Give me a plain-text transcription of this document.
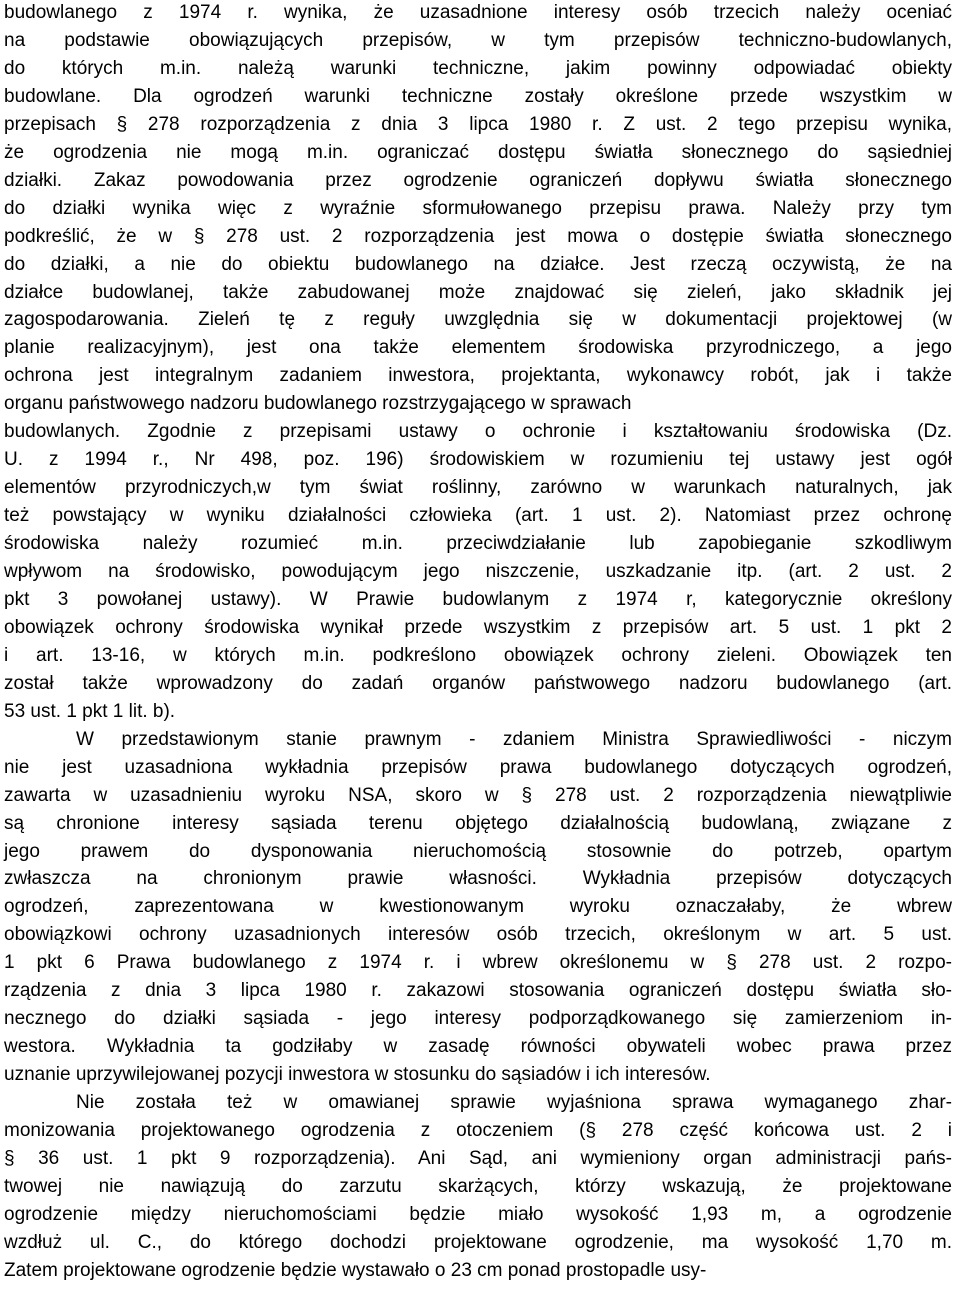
budowlanego z 1974 r. wynika, że uzasadnione interesy osób trzecich należy oceniać
na podstawie obowiązujących przepisów, w tym przepisów techniczno-budowlanych,
do których m.in. należą warunki techniczne, jakim powinny odpowiadać obiekty
budowlane. Dla ogrodzeń warunki techniczne zostały określone przede wszystkim w
przepisach § 278 rozporządzenia z dnia 3 lipca 1980 r. Z ust. 2 tego przepisu wynika,
że ogrodzenia nie mogą m.in. ograniczać dostępu światła słonecznego do sąsiedniej
działki. Zakaz powodowania przez ogrodzenie ograniczeń dopływu światła słonecznego
do działki wynika więc z wyraźnie sformułowanego przepisu prawa. Należy przy tym
podkreślić, że w § 278 ust. 2 rozporządzenia jest mowa o dostępie światła słonecznego
do działki, a nie do obiektu budowlanego na działce. Jest rzeczą oczywistą, że na
działce budowlanej, także zabudowanej może znajdować się zieleń, jako składnik jej
zagospodarowania. Zieleń tę z reguły uwzględnia się w dokumentacji projektowej (w
planie realizacyjnym), jest ona także elementem środowiska przyrodniczego, a jego
ochrona jest integralnym zadaniem inwestora, projektanta, wykonawcy robót, jak i także
organu państwowego nadzoru budowlanego rozstrzygającego w sprawach
budowlanych. Zgodnie z przepisami ustawy o ochronie i kształtowaniu środowiska (Dz.
U. z 1994 r., Nr 498, poz. 196) środowiskiem w rozumieniu tej ustawy jest ogół
elementów przyrodniczych,w tym świat roślinny, zarówno w warunkach naturalnych, jak
też powstający w wyniku działalności człowieka (art. 1 ust. 2). Natomiast przez ochronę
środowiska należy rozumieć m.in. przeciwdziałanie lub zapobieganie szkodliwym
wpływom na środowisko, powodującym jego niszczenie, uszkadzanie itp. (art. 2 ust. 2
pkt 3 powołanej ustawy). W Prawie budowlanym z 1974 r, kategorycznie określony
obowiązek ochrony środowiska wynikał przede wszystkim z przepisów art. 5 ust. 1 pkt 2
i art. 13-16, w których m.in. podkreślono obowiązek ochrony zieleni. Obowiązek ten
został także wprowadzony do zadań organów państwowego nadzoru budowlanego (art.
53 ust. 1 pkt 1 lit. b).
W przedstawionym stanie prawnym - zdaniem Ministra Sprawiedliwości - niczym
nie jest uzasadniona wykładnia przepisów prawa budowlanego dotyczących ogrodzeń,
zawarta w uzasadnieniu wyroku NSA, skoro w § 278 ust. 2 rozporządzenia niewątpliwie
są chronione interesy sąsiada terenu objętego działalnością budowlaną, związane z
jego prawem do dysponowania nieruchomością stosownie do potrzeb, opartym
zwłaszcza na chronionym prawie własności. Wykładnia przepisów dotyczących
ogrodzeń, zaprezentowana w kwestionowanym wyroku oznaczałaby, że wbrew
obowiązkowi ochrony uzasadnionych interesów osób trzecich, określonym w art. 5 ust.
1 pkt 6 Prawa budowlanego z 1974 r. i wbrew określonemu w § 278 ust. 2 rozpo-
rządzenia z dnia 3 lipca 1980 r. zakazowi stosowania ograniczeń dostępu światła sło-
necznego do działki sąsiada - jego interesy podporządkowanego się zamierzeniom in-
westora. Wykładnia ta godziłaby w zasadę równości obywateli wobec prawa przez
uznanie uprzywilejowanej pozycji inwestora w stosunku do sąsiadów i ich interesów.
Nie została też w omawianej sprawie wyjaśniona sprawa wymaganego zhar-
monizowania projektowanego ogrodzenia z otoczeniem (§ 278 część końcowa ust. 2 i
§ 36 ust. 1 pkt 9 rozporządzenia). Ani Sąd, ani wymieniony organ administracji pańs-
twowej nie nawiązują do zarzutu skarżących, którzy wskazują, że projektowane
ogrodzenie między nieruchomościami będzie miało wysokość 1,93 m, a ogrodzenie
wzdłuż ul. C., do którego dochodzi projektowane ogrodzenie, ma wysokość 1,70 m.
Zatem projektowane ogrodzenie będzie wystawało o 23 cm ponad prostopadle usy-
